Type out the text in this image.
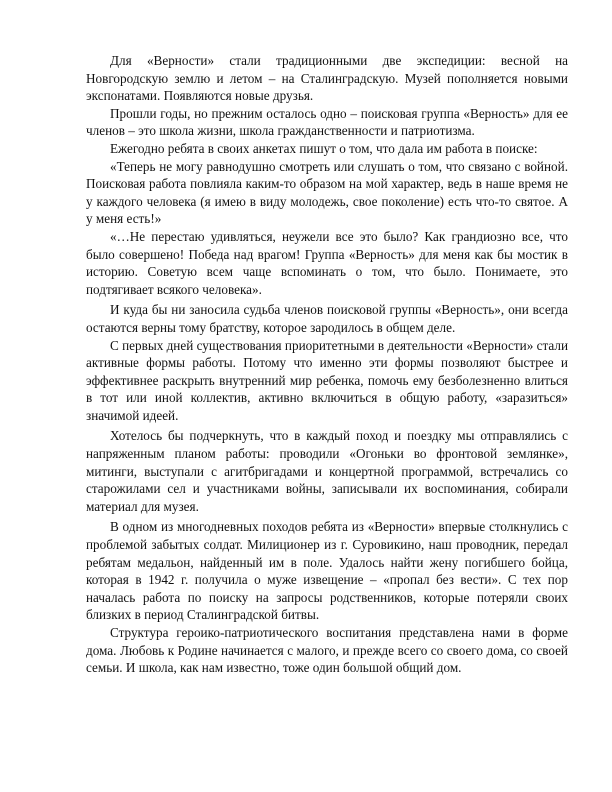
Для «Верности» стали традиционными две экспедиции: весной на Новгородскую землю и летом – на Сталинградскую. Музей пополняется новыми экспонатами. Появляются новые друзья.

Прошли годы, но прежним осталось одно – поисковая группа «Верность» для ее членов – это школа жизни, школа гражданственности и патриотизма.

Ежегодно ребята в своих анкетах пишут о том, что дала им работа в поиске:

«Теперь не могу равнодушно смотреть или слушать о том, что связано с войной. Поисковая работа повлияла каким-то образом на мой характер, ведь в наше время не у каждого человека (я имею в виду молодежь, свое поколение) есть что-то святое. А у меня есть!»

«…Не перестаю удивляться, неужели все это было? Как грандиозно все, что было совершено! Победа над врагом! Группа «Верность» для меня как бы мостик в историю. Советую всем чаще вспоминать о том, что было. Понимаете, это подтягивает всякого человека».

И куда бы ни заносила судьба членов поисковой группы «Верность», они всегда остаются верны тому братству, которое зародилось в общем деле.

С первых дней существования приоритетными в деятельности «Верности» стали активные формы работы. Потому что именно эти формы позволяют быстрее и эффективнее раскрыть внутренний мир ребенка, помочь ему безболезненно влиться в тот или иной коллектив, активно включиться в общую работу, «заразиться» значимой идеей.

Хотелось бы подчеркнуть, что в каждый поход и поездку мы отправлялись с напряженным планом работы: проводили «Огоньки во фронтовой землянке», митинги, выступали с агитбригадами и концертной программой, встречались со старожилами сел и участниками войны, записывали их воспоминания, собирали материал для музея.

В одном из многодневных походов ребята из «Верности» впервые столкнулись с проблемой забытых солдат. Милиционер из г. Суровикино, наш проводник, передал ребятам медальон, найденный им в поле. Удалось найти жену погибшего бойца, которая в 1942 г. получила о муже извещение – «пропал без вести». С тех пор началась работа по поиску на запросы родственников, которые потеряли своих близких в период Сталинградской битвы.

Структура героико-патриотического воспитания представлена нами в форме дома. Любовь к Родине начинается с малого, и прежде всего со своего дома, со своей семьи. И школа, как нам известно, тоже один большой общий дом.
